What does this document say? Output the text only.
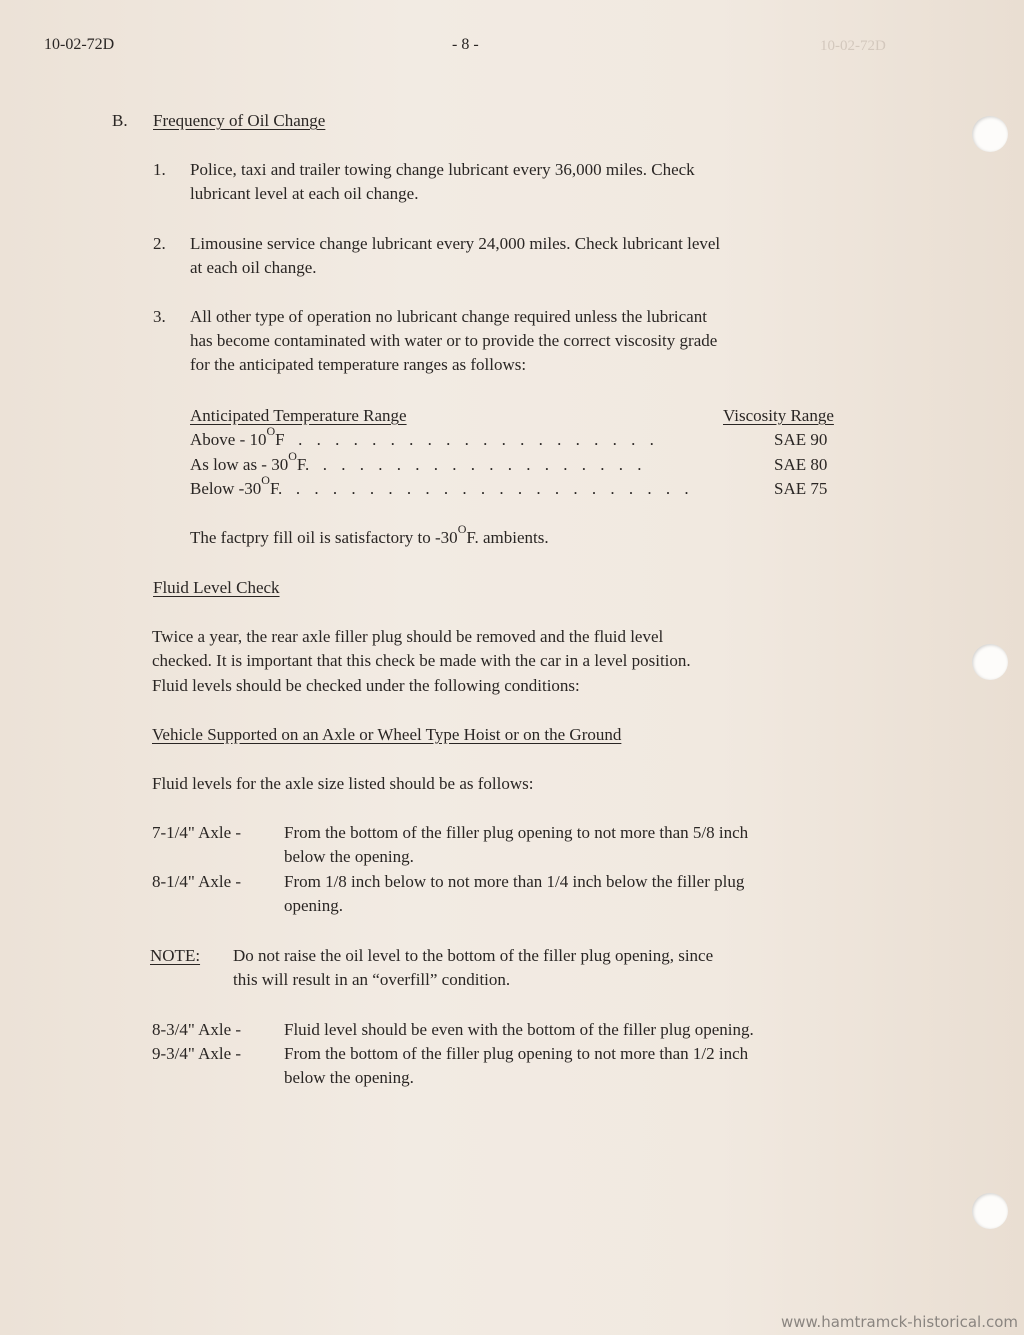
10-02-72D
10-02-72D	- 8 -
B. Frequency of Oil Change
1. Police, taxi and trailer towing change lubricant every 36,000 miles. Check
lubricant level at each oil change.
2. Limousine service change lubricant every 24,000 miles. Check lubricant level
at each oil change.
3. All other type of operation no lubricant change required unless the lubricant
has become contaminated with water or to provide the correct viscosity grade
for the anticipated temperature ranges as follows:
Anticipated Temperature Range	Viscosity Range
Above - $10^OF$  . . . . . . . . . . . . . . . . . . . .	SAE 90
As low as - $30^OF$.  . . . . . . . . . . . . . . . . . .	SAE 80
Below $-30^OF$.  . . . . . . . . . . . . . . . . . . . . . .	SAE 75
The factpry fill oil is satisfactory to $-30^OF$. ambients.
Fluid Level Check
Twice a year, the rear axle filler plug should be removed and the fluid level
checked. It is important that this check be made with the car in a level position.
Fluid levels should be checked under the following conditions:
Vehicle Supported on an Axle or Wheel Type Hoist or on the Ground
Fluid levels for the axle size listed should be as follows:
7-1/4" Axle -	From the bottom of the filler plug opening to not more than 5/8 inch
below the opening.
8-1/4" Axle -	From 1/8 inch below to not more than 1/4 inch below the filler plug
opening.
NOTE: Do not raise the oil level to the bottom of the filler plug opening, since
this will result in an “overfill” condition.
8-3/4" Axle -	Fluid level should be even with the bottom of the filler plug opening.
9-3/4" Axle -	From the bottom of the filler plug opening to not more than 1/2 inch
below the opening.
www.hamtramck-historical.com
